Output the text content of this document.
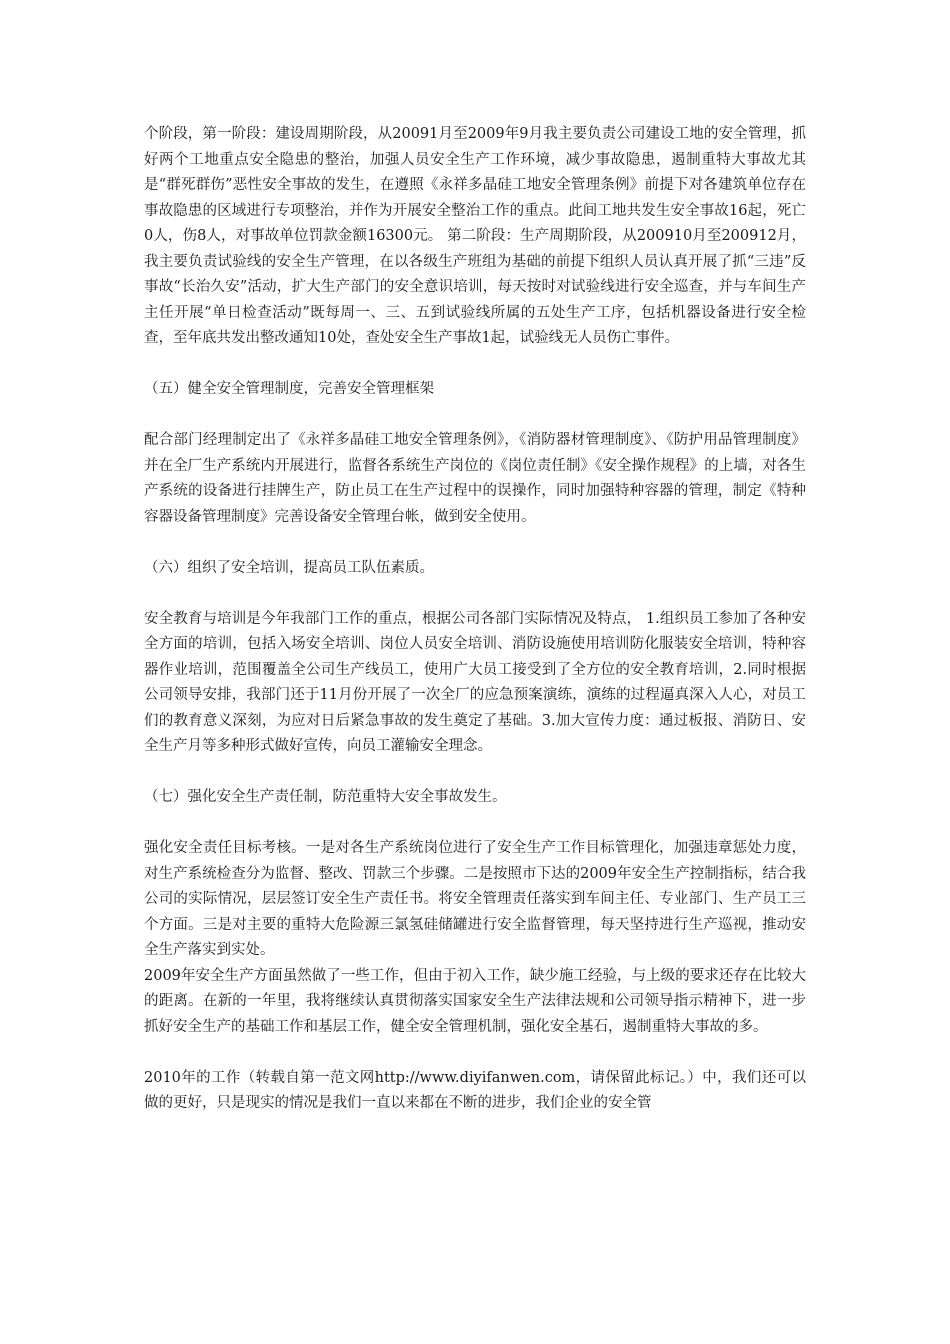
个阶段，第一阶段：建设周期阶段，从20091月至2009年9月我主要负责公司建设工地的安全管理，抓好两个工地重点安全隐患的整治，加强人员安全生产工作环境，减少事故隐患，遏制重特大事故尤其是“群死群伤”恶性安全事故的发生，在遵照《永祥多晶硅工地安全管理条例》前提下对各建筑单位存在事故隐患的区域进行专项整治，并作为开展安全整治工作的重点。此间工地共发生安全事故16起，死亡0人，伤8人，对事故单位罚款金额16300元。 第二阶段：生产周期阶段，从200910月至200912月，我主要负责试验线的安全生产管理，在以各级生产班组为基础的前提下组织人员认真开展了抓“三违”反事故“长治久安”活动，扩大生产部门的安全意识培训，每天按时对试验线进行安全巡查，并与车间生产主任开展“单日检查活动”既每周一、三、五到试验线所属的五处生产工序，包括机器设备进行安全检查，至年底共发出整改通知10处，查处安全生产事故1起，试验线无人员伤亡事件。

（五）健全安全管理制度，完善安全管理框架

配合部门经理制定出了《永祥多晶硅工地安全管理条例》，《消防器材管理制度》、《防护用品管理制度》并在全厂生产系统内开展进行，监督各系统生产岗位的《岗位责任制》《安全操作规程》的上墙，对各生产系统的设备进行挂牌生产，防止员工在生产过程中的误操作，同时加强特种容器的管理，制定《特种容器设备管理制度》完善设备安全管理台帐，做到安全使用。

（六）组织了安全培训，提高员工队伍素质。

安全教育与培训是今年我部门工作的重点，根据公司各部门实际情况及特点， 1.组织员工参加了各种安全方面的培训，包括入场安全培训、岗位人员安全培训、消防设施使用培训防化服装安全培训，特种容器作业培训，范围覆盖全公司生产线员工，使用广大员工接受到了全方位的安全教育培训，2.同时根据公司领导安排，我部门还于11月份开展了一次全厂的应急预案演练，演练的过程逼真深入人心，对员工们的教育意义深刻，为应对日后紧急事故的发生奠定了基础。3.加大宣传力度：通过板报、消防日、安全生产月等多种形式做好宣传，向员工灌输安全理念。

（七）强化安全生产责任制，防范重特大安全事故发生。

强化安全责任目标考核。一是对各生产系统岗位进行了安全生产工作目标管理化，加强违章惩处力度，对生产系统检查分为监督、整改、罚款三个步骤。二是按照市下达的2009年安全生产控制指标，结合我公司的实际情况，层层签订安全生产责任书。将安全管理责任落实到车间主任、专业部门、生产员工三个方面。三是对主要的重特大危险源三氯氢硅储罐进行安全监督管理，每天坚持进行生产巡视，推动安全生产落实到实处。

2009年安全生产方面虽然做了一些工作，但由于初入工作，缺少施工经验，与上级的要求还存在比较大的距离。在新的一年里，我将继续认真贯彻落实国家安全生产法律法规和公司领导指示精神下，进一步抓好安全生产的基础工作和基层工作，健全安全管理机制，强化安全基石，遏制重特大事故的多。

2010年的工作（转载自第一范文网http://www.diyifanwen.com，请保留此标记。）中，我们还可以做的更好，只是现实的情况是我们一直以来都在不断的进步，我们企业的安全管
